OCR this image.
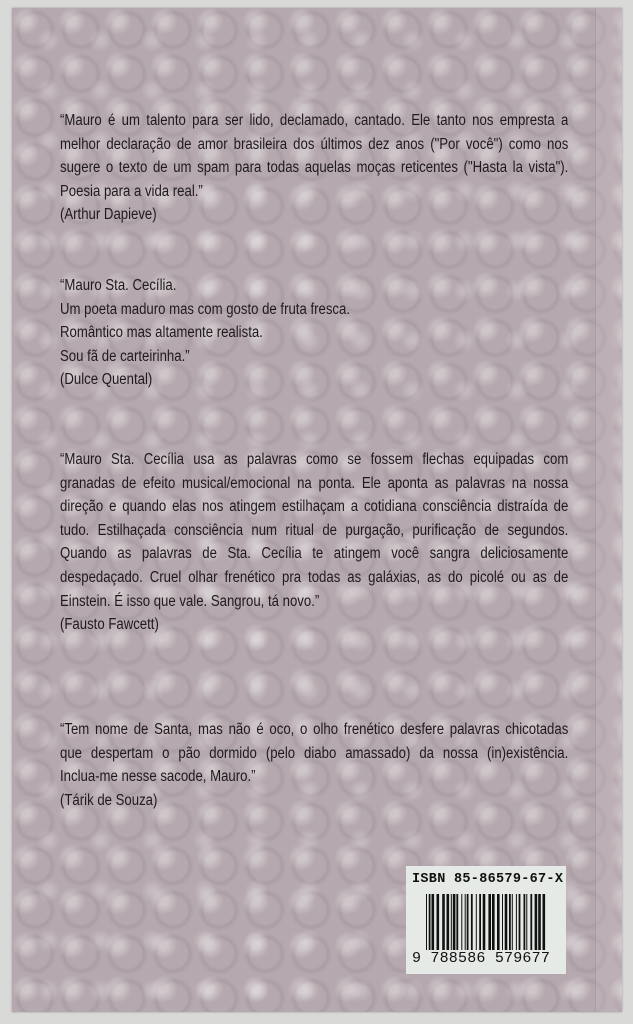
“Mauro é um talento para ser lido, declamado, cantado. Ele tanto nos empresta a
melhor declaração de amor brasileira dos últimos dez anos ("Por você") como nos
sugere o texto de um spam para todas aquelas moças reticentes ("Hasta la vista").
Poesia para a vida real.”
(Arthur Dapieve)
“Mauro Sta. Cecília.
Um poeta maduro mas com gosto de fruta fresca.
Romântico mas altamente realista.
Sou fã de carteirinha.”
(Dulce Quental)
“Mauro Sta. Cecília usa as palavras como se fossem flechas equipadas com
granadas de efeito musical/emocional na ponta. Ele aponta as palavras na nossa
direção e quando elas nos atingem estilhaçam a cotidiana consciência distraída de
tudo. Estilhaçada consciência num ritual de purgação, purificação de segundos.
Quando as palavras de Sta. Cecília te atingem você sangra deliciosamente
despedaçado. Cruel olhar frenético pra todas as galáxias, as do picolé ou as de
Einstein. É isso que vale. Sangrou, tá novo.”
(Fausto Fawcett)
“Tem nome de Santa, mas não é oco, o olho frenético desfere palavras chicotadas
que despertam o pão dormido (pelo diabo amassado) da nossa (in)existência.
Inclua-me nesse sacode, Mauro.”
(Tárik de Souza)
ISBN 85-86579-67-X
9 788586 579677
